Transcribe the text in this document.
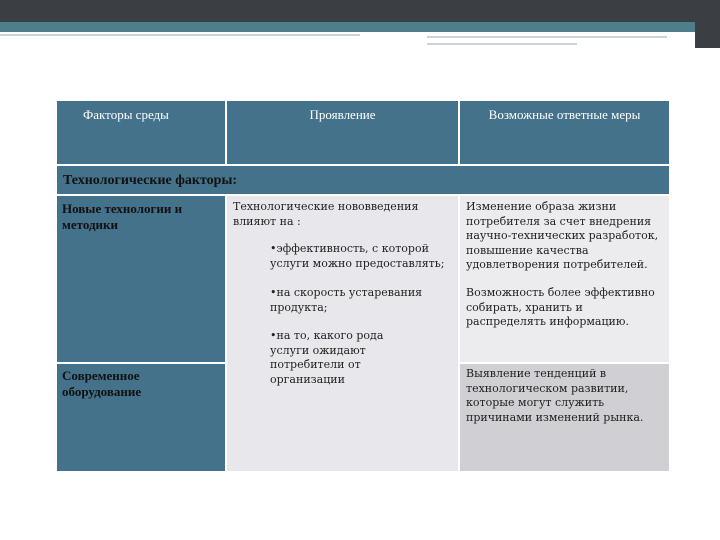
Факторы среды	Проявление	Возможные ответные меры
Технологические факторы:
Новые технологии и методики
Современное оборудование
Технологические нововведения влияют на :
•эффективность, с которой услуги можно предоставлять;
•на скорость устаревания продукта;
•на то, какого рода услуги ожидают потребители от организации
Изменение образа жизни потребителя за счет внедрения научно-технических разработок, повышение качества удовлетворения потребителей.
Возможность более эффективно собирать, хранить и распределять информацию.
Выявление тенденций в технологическом развитии, которые могут служить причинами изменений рынка.
